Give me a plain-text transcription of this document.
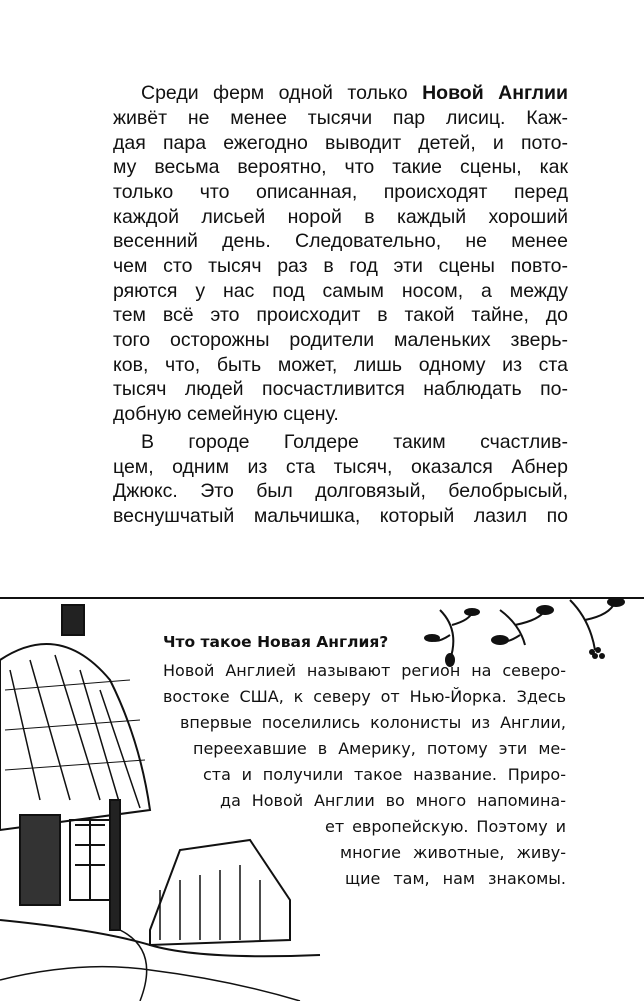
Среди ферм одной только Новой Англии
живёт не менее тысячи пар лисиц. Каж-
дая пара ежегодно выводит детей, и пото-
му весьма вероятно, что такие сцены, как
только что описанная, происходят перед
каждой лисьей норой в каждый хороший
весенний день. Следовательно, не менее
чем сто тысяч раз в год эти сцены повто-
ряются у нас под самым носом, а между
тем всё это происходит в такой тайне, до
того осторожны родители маленьких зверь-
ков, что, быть может, лишь одному из ста
тысяч людей посчастливится наблюдать по-
добную семейную сцену.
В городе Голдере таким счастлив-
цем, одним из ста тысяч, оказался Абнер
Джюкс. Это был долговязый, белобрысый,
веснушчатый мальчишка, который лазил по
Что такое Новая Англия?
Новой Англией называют регион на северо-
востоке США, к северу от Нью-Йорка. Здесь
впервые поселились колонисты из Англии,
переехавшие в Америку, потому эти ме-
ста и получили такое название. Приро-
да Новой Англии во много напомина-
ет европейскую. Поэтому и
многие животные, живу-
щие там, нам знакомы.
